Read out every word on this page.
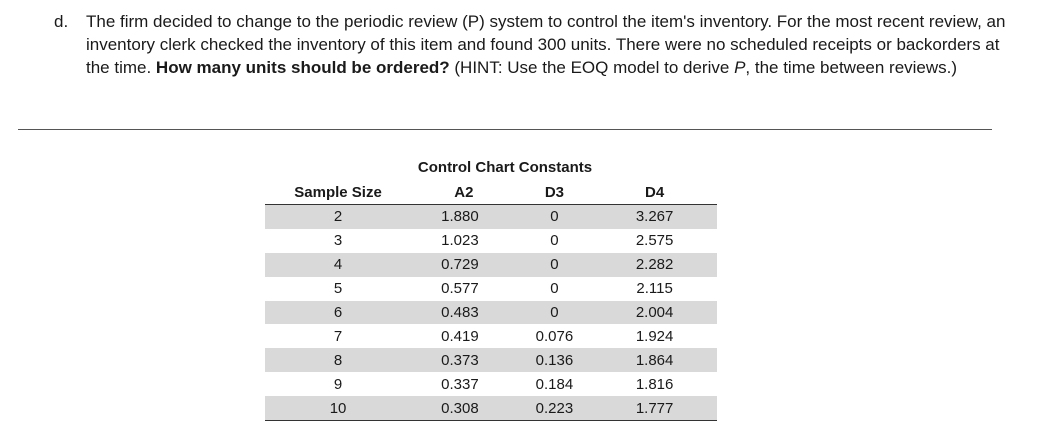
d. The firm decided to change to the periodic review (P) system to control the item's inventory. For the most recent review, an inventory clerk checked the inventory of this item and found 300 units. There were no scheduled receipts or backorders at the time. How many units should be ordered? (HINT: Use the EOQ model to derive P, the time between reviews.)
Control Chart Constants
Sample Size	A2	D3	D4
2	1.880	0	3.267
3	1.023	0	2.575
4	0.729	0	2.282
5	0.577	0	2.115
6	0.483	0	2.004
7	0.419	0.076	1.924
8	0.373	0.136	1.864
9	0.337	0.184	1.816
10	0.308	0.223	1.777
